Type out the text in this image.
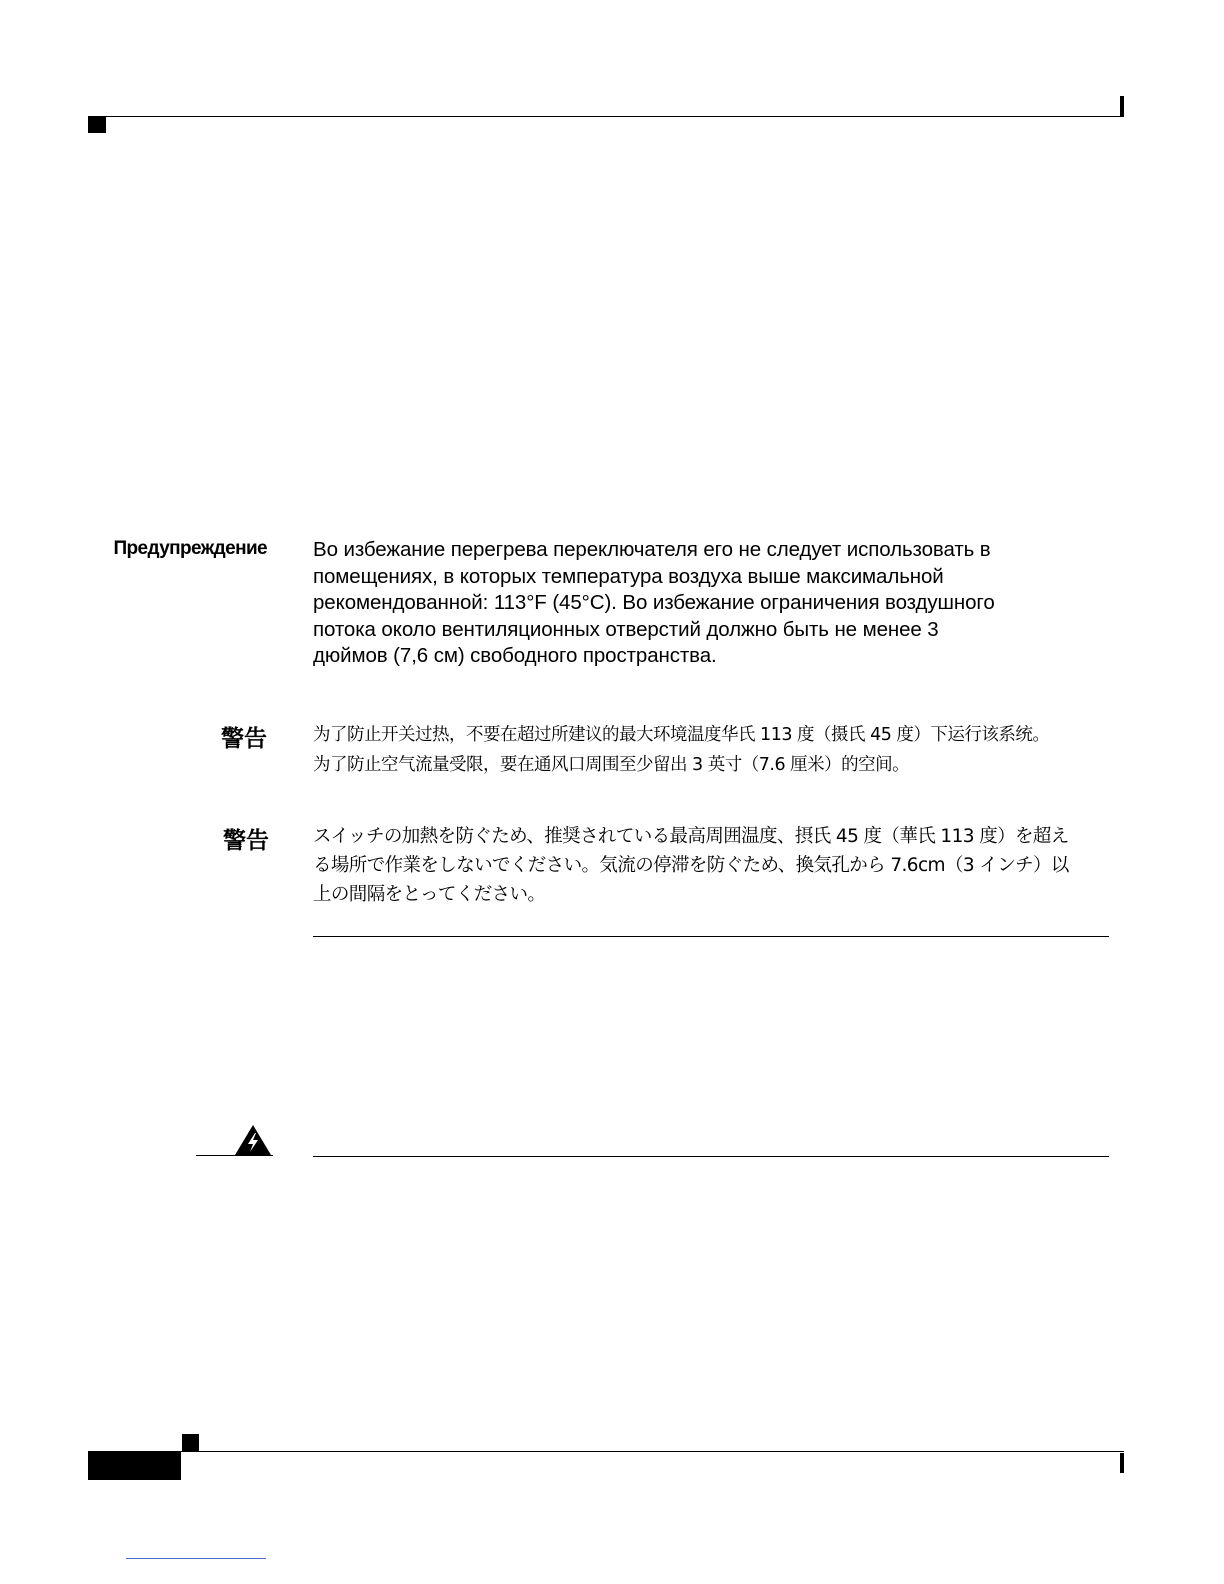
Предупреждение Во избежание перегрева переключателя его не следует использовать в
помещениях, в которых температура воздуха выше максимальной
рекомендованной: 113°F (45°C). Во избежание ограничения воздушного
потока около вентиляционных отверстий должно быть не менее 3
дюймов (7,6 см) свободного пространства.
警告	为了防止开关过热，不要在超过所建议的最大环境温度华氏 113 度（摄氏 45 度）下运行该系统。
为了防止空气流量受限，要在通风口周围至少留出 3 英寸（7.6 厘米）的空间。
警告 スイッチの加熱を防ぐため、推奨されている最高周囲温度、摂氏 45 度（華氏 113 度）を超え
る場所で作業をしないでください。気流の停滞を防ぐため、換気孔から 7.6cm（3 インチ）以
上の間隔をとってください。
